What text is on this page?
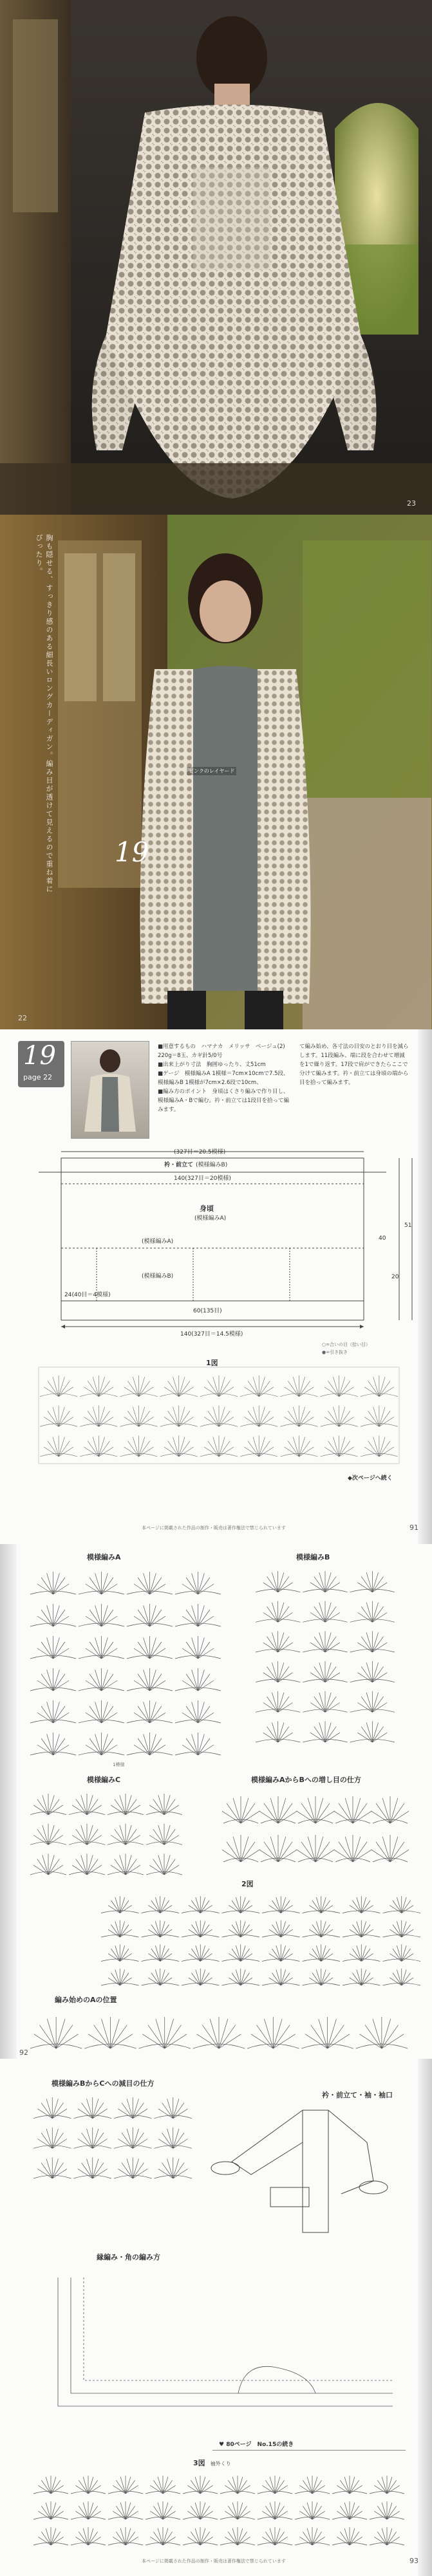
23
胸も隠せる、すっきり感のある細長いロングカーディガン。編み目が透けて見えるので重ね着にぴったり。
19
ピンクのレイヤード
22
19
page 22
■用意するもの　ハマナカ　メリッサ　ベージュ(2) 220g＝8玉、カギ針5/0号
■出来上がり寸法　胸囲ゆったり、丈51cm
■ゲージ　模様編みA 1模様＝7cm×10cmで7.5段、模様編みB 1模様が7cm×2.6段で10cm、
■編み方のポイント　身頃はくさり編みで作り目し、模様編みA・Bで編む。衿・前立ては1段目を拾って編みます。
て編み始め、各寸法の目安のとおり目を減らします。11段編み、端に段を合わせて増減を1で繰り返す。17段で肩ができたらここで分けて編みます。衿・前立ては身頃の端から目を拾って編みます。
(327目＝20.5模様)
衿・前立て (模様編みB)
140(327目＝20模様)
身頃
(模様編みA)
(模様編みA)
(模様編みB)
24(40目＝4模様)
60(135目)
140(327目＝14.5模様)
40
20
51
○=合いの目（拾い目）
●=引き抜き
1図
◆次ページへ続く
本ページに掲載された作品の制作・販売は著作権法で禁じられています	91
模様編みA	模様編みB
1模様
模様編みC	模様編みAからBへの増し目の仕方
2図
編み始めのAの位置
92
模様編みBからCへの減目の仕方
衿・前立て・袖・袖口
縁編み・角の編み方
♥ 80ページ　No.15の続き
3図 袖外くり
本ページに掲載された作品の制作・販売は著作権法で禁じられています	93
